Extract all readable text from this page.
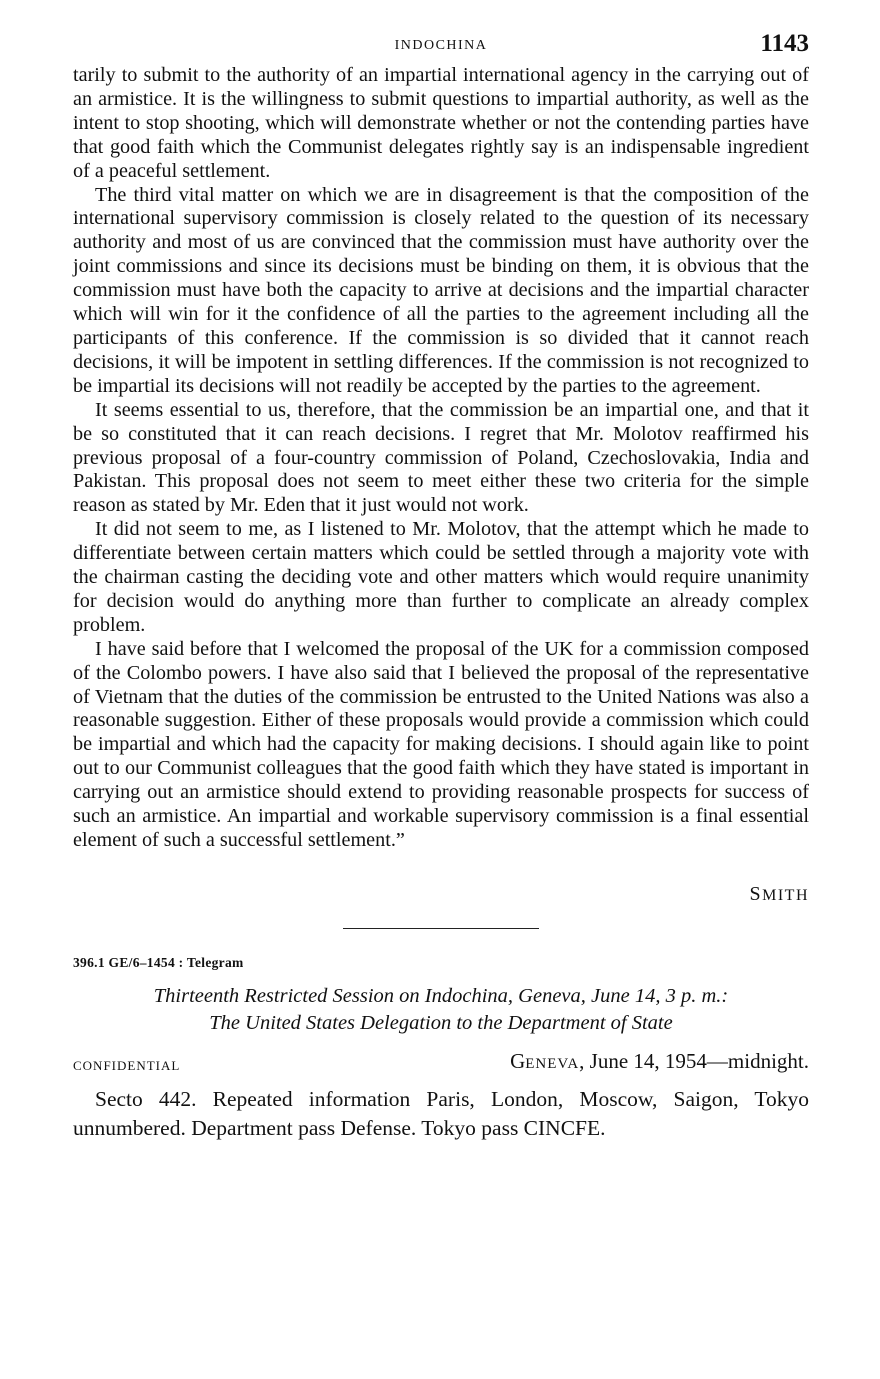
INDOCHINA	1143

tarily to submit to the authority of an impartial international agency in the carrying out of an armistice. It is the willingness to submit questions to impartial authority, as well as the intent to stop shooting, which will demonstrate whether or not the contending parties have that good faith which the Communist delegates rightly say is an indispensable ingredient of a peaceful settlement.

The third vital matter on which we are in disagreement is that the composition of the international supervisory commission is closely related to the question of its necessary authority and most of us are convinced that the commission must have authority over the joint commissions and since its decisions must be binding on them, it is obvious that the commission must have both the capacity to arrive at decisions and the impartial character which will win for it the confidence of all the parties to the agreement including all the participants of this conference. If the commission is so divided that it cannot reach decisions, it will be impotent in settling differences. If the commission is not recognized to be impartial its decisions will not readily be accepted by the parties to the agreement.

It seems essential to us, therefore, that the commission be an impartial one, and that it be so constituted that it can reach decisions. I regret that Mr. Molotov reaffirmed his previous proposal of a four-country commission of Poland, Czechoslovakia, India and Pakistan. This proposal does not seem to meet either these two criteria for the simple reason as stated by Mr. Eden that it just would not work.

It did not seem to me, as I listened to Mr. Molotov, that the attempt which he made to differentiate between certain matters which could be settled through a majority vote with the chairman casting the deciding vote and other matters which would require unanimity for decision would do anything more than further to complicate an already complex problem.

I have said before that I welcomed the proposal of the UK for a commission composed of the Colombo powers. I have also said that I believed the proposal of the representative of Vietnam that the duties of the commission be entrusted to the United Nations was also a reasonable suggestion. Either of these proposals would provide a commission which could be impartial and which had the capacity for making decisions. I should again like to point out to our Communist colleagues that the good faith which they have stated is important in carrying out an armistice should extend to providing reasonable prospects for success of such an armistice. An impartial and workable supervisory commission is a final essential element of such a successful settlement.”

SMITH
396.1 GE/6–1454 : Telegram
Thirteenth Restricted Session on Indochina, Geneva, June 14, 3 p. m.:
The United States Delegation to the Department of State
CONFIDENTIAL	GENEVA, June 14, 1954—midnight.

Secto 442. Repeated information Paris, London, Moscow, Saigon, Tokyo unnumbered. Department pass Defense. Tokyo pass CINCFE.
